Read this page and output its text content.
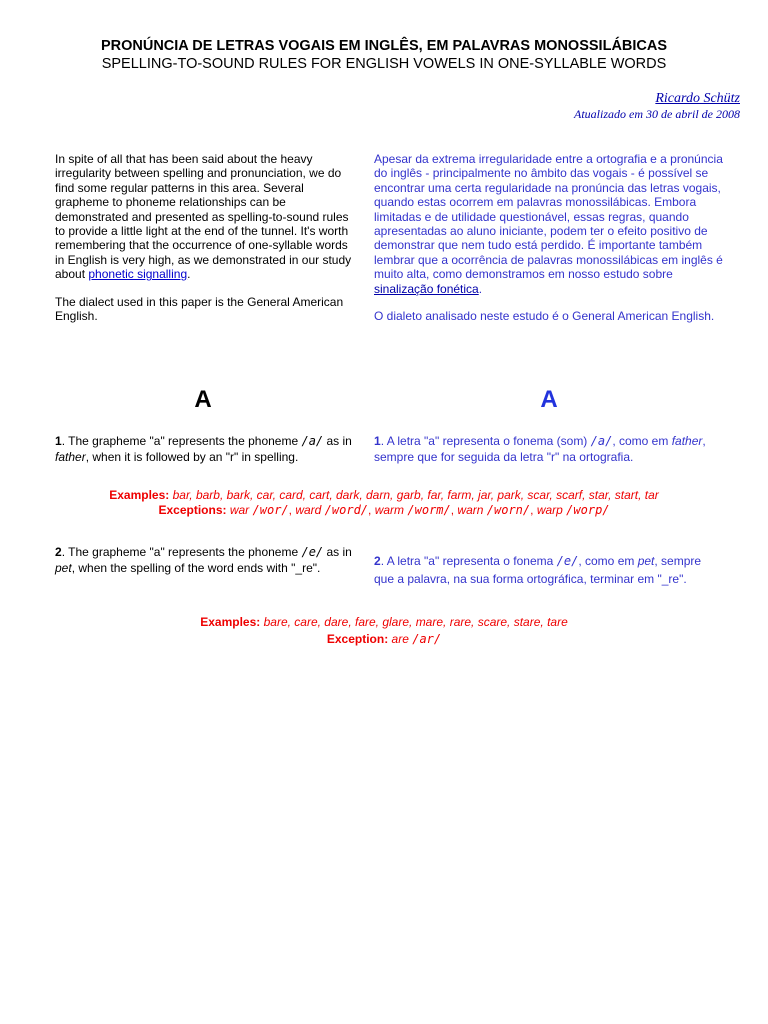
PRONÚNCIA DE LETRAS VOGAIS EM INGLÊS, EM PALAVRAS MONOSSILÁBICAS
SPELLING-TO-SOUND RULES FOR ENGLISH VOWELS IN ONE-SYLLABLE WORDS
Ricardo Schütz
Atualizado em 30 de abril de 2008

In spite of all that has been said about the heavy irregularity between spelling and pronunciation, we do find some regular patterns in this area. Several grapheme to phoneme relationships can be demonstrated and presented as spelling-to-sound rules to provide a little light at the end of the tunnel. It's worth remembering that the occurrence of one-syllable words in English is very high, as we demonstrated in our study about phonetic signalling.

The dialect used in this paper is the General American English.

Apesar da extrema irregularidade entre a ortografia e a pronúncia do inglês - principalmente no âmbito das vogais - é possível se encontrar uma certa regularidade na pronúncia das letras vogais, quando estas ocorrem em palavras monossilábicas. Embora limitadas e de utilidade questionável, essas regras, quando apresentadas ao aluno iniciante, podem ter o efeito positivo de demonstrar que nem tudo está perdido. É importante também lembrar que a ocorrência de palavras monossilábicas em inglês é muito alta, como demonstramos em nosso estudo sobre sinalização fonética.

O dialeto analisado neste estudo é o General American English.

A	A
1. The grapheme "a" represents the phoneme /a/ as in father, when it is followed by an "r" in spelling.
1. A letra "a" representa o fonema (som) /a/, como em father, sempre que for seguida da letra "r" na ortografia.
Examples: bar, barb, bark, car, card, cart, dark, darn, garb, far, farm, jar, park, scar, scarf, star, start, tar
Exceptions: war /wor/, ward /word/, warm /worm/, warn /worn/, warp /worp/
2. The grapheme "a" represents the phoneme /e/ as in pet, when the spelling of the word ends with "_re".	2. A letra "a" representa o fonema /e/, como em pet, sempre que a palavra, na sua forma ortográfica, terminar em "_re".
Examples: bare, care, dare, fare, glare, mare, rare, scare, stare, tare
Exception: are /ar/
